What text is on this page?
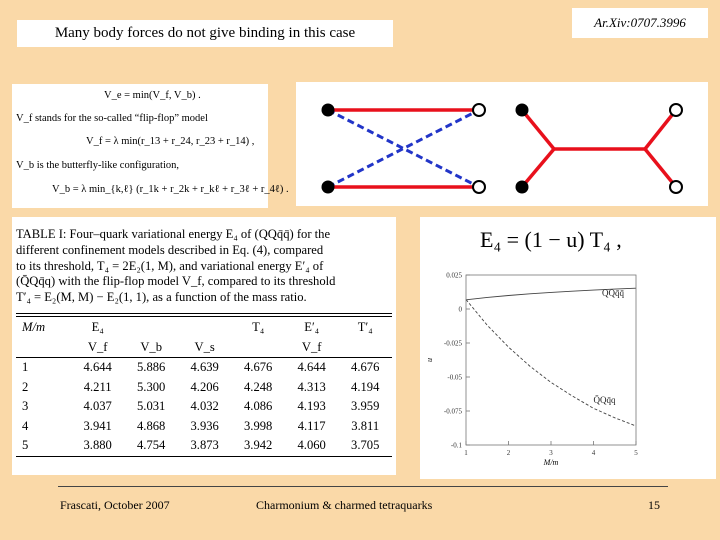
Many body forces do not give binding in this case
Ar.Xiv:0707.3996
V_e = min(V_f, V_b) .
V_f stands for the so-called “flip-flop” model
V_f = λ min(r_13 + r_24, r_23 + r_14) ,
V_b is the butterfly-like configuration,
V_b = λ min_{k,ℓ} (r_1k + r_2k + r_kℓ + r_3ℓ + r_4ℓ) .
TABLE I: Four–quark variational energy E₄ of (QQq̄q̄) for the
different confinement models described in Eq. (4), compared
to its threshold, T₄ = 2E₂(1, M), and variational energy E′₄ of
(Q̄Qq̄q) with the flip-flop model V_f, compared to its threshold
T′₄ = E₂(M, M) − E₂(1, 1), as a function of the mass ratio.
M/m	E₄			T₄	E′₄	T′₄
	V_f	V_b	V_s		V_f	
1	4.644	5.886	4.639	4.676	4.644	4.676
2	4.211	5.300	4.206	4.248	4.313	4.194
3	4.037	5.031	4.032	4.086	4.193	3.959
4	3.941	4.868	3.936	3.998	4.117	3.811
5	3.880	4.754	3.873	3.942	4.060	3.705
E₄ = (1 − u) T₄ ,
1	2	3	4	5
0.025
0
-0.025
-0.05
-0.075
-0.1
QQq̄q̄
Q̄Qq̄q
M/m
u
Frascati, October 2007	Charmonium & charmed tetraquarks	15
